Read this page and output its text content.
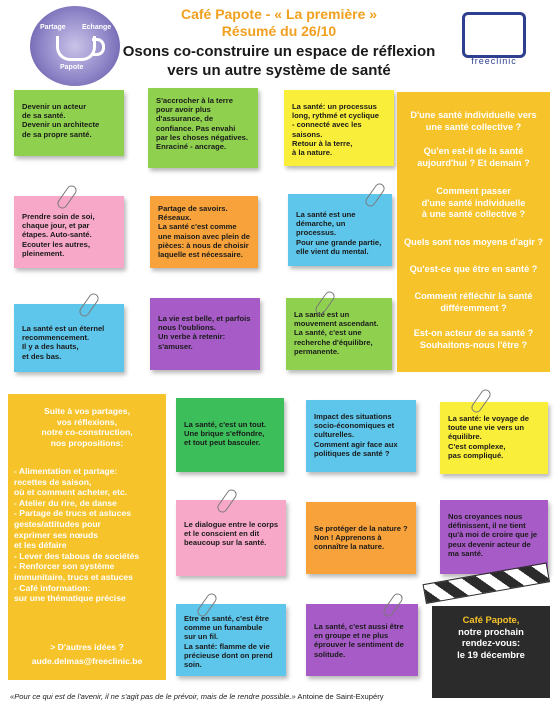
Partage Echange
Papote
Café Papote - « La première »
Résumé du 26/10
Osons co-construire un espace de réflexion
vers un autre système de santé
freeclinic
Devenir un acteur
de sa santé.
Devenir un architecte
de sa propre santé.
S'accrocher à la terre
pour avoir plus
d'assurance, de
confiance. Pas envahi
par les choses négatives.
Enraciné - ancrage.
La santé: un processus
long, rythmé et cyclique
- connecté avec les
saisons.
Retour à la terre,
à la nature.
Prendre soin de soi,
chaque jour, et par
étapes. Auto-santé.
Ecouter les autres,
pleinement.
Partage de savoirs.
Réseaux.
La santé c'est comme
une maison avec plein de
pièces: à nous de choisir
laquelle est nécessaire.
La santé est une
démarche, un processus.
Pour une grande partie,
elle vient du mental.
La santé est un éternel
recommencement.
Il y a des hauts,
et des bas.
La vie est belle, et parfois
nous l'oublions.
Un verbe à retenir:
s'amuser.
La santé est un
mouvement ascendant.
La santé, c'est une
recherche d'équilibre,
permanente.
La santé, c'est un tout.
Une brique s'effondre,
et tout peut basculer.
Impact des situations
socio-économiques et
culturelles.
Comment agir face aux
politiques de santé ?
La santé: le voyage de
toute une vie vers un
équilibre.
C'est complexe,
pas compliqué.
Le dialogue entre le corps
et le conscient en dit
beaucoup sur la santé.
Se protéger de la nature ?
Non ! Apprenons à
connaître la nature.
Nos croyances nous
définissent, il ne tient
qu'à moi de croire que je
peux devenir acteur de
ma santé.
Etre en santé, c'est être
comme un funambule
sur un fil.
La santé: flamme de vie
précieuse dont on prend
soin.
La santé, c'est aussi être
en groupe et ne plus
éprouver le sentiment de
solitude.
D'une santé individuelle vers
une santé collective ?
Qu'en est-il de la santé
aujourd'hui ? Et demain ?
Comment passer
d'une santé individuelle
à une santé collective ?
Quels sont nos moyens d'agir ?
Qu'est-ce que être en santé ?
Comment réfléchir la santé
différemment ?
Est-on acteur de sa santé ?
Souhaitons-nous l'être ?
Suite à vos partages,
vos réflexions,
notre co-construction,
nos propositions:
- Alimentation et partage:
recettes de saison,
où et comment acheter, etc.
- Atelier du rire, de danse
- Partage de trucs et astuces
gestes/attitudes pour
exprimer ses nœuds
et les défaire
- Lever des tabous de sociétés
- Renforcer son système
immunitaire, trucs et astuces
- Café information:
sur une thématique précise
> D'autres idées ?
aude.delmas@freeclinic.be
Café Papote,
notre prochain
rendez-vous:
le 19 décembre
«Pour ce qui est de l'avenir, il ne s'agit pas de le prévoir, mais de le rendre possible.» Antoine de Saint-Exupéry
